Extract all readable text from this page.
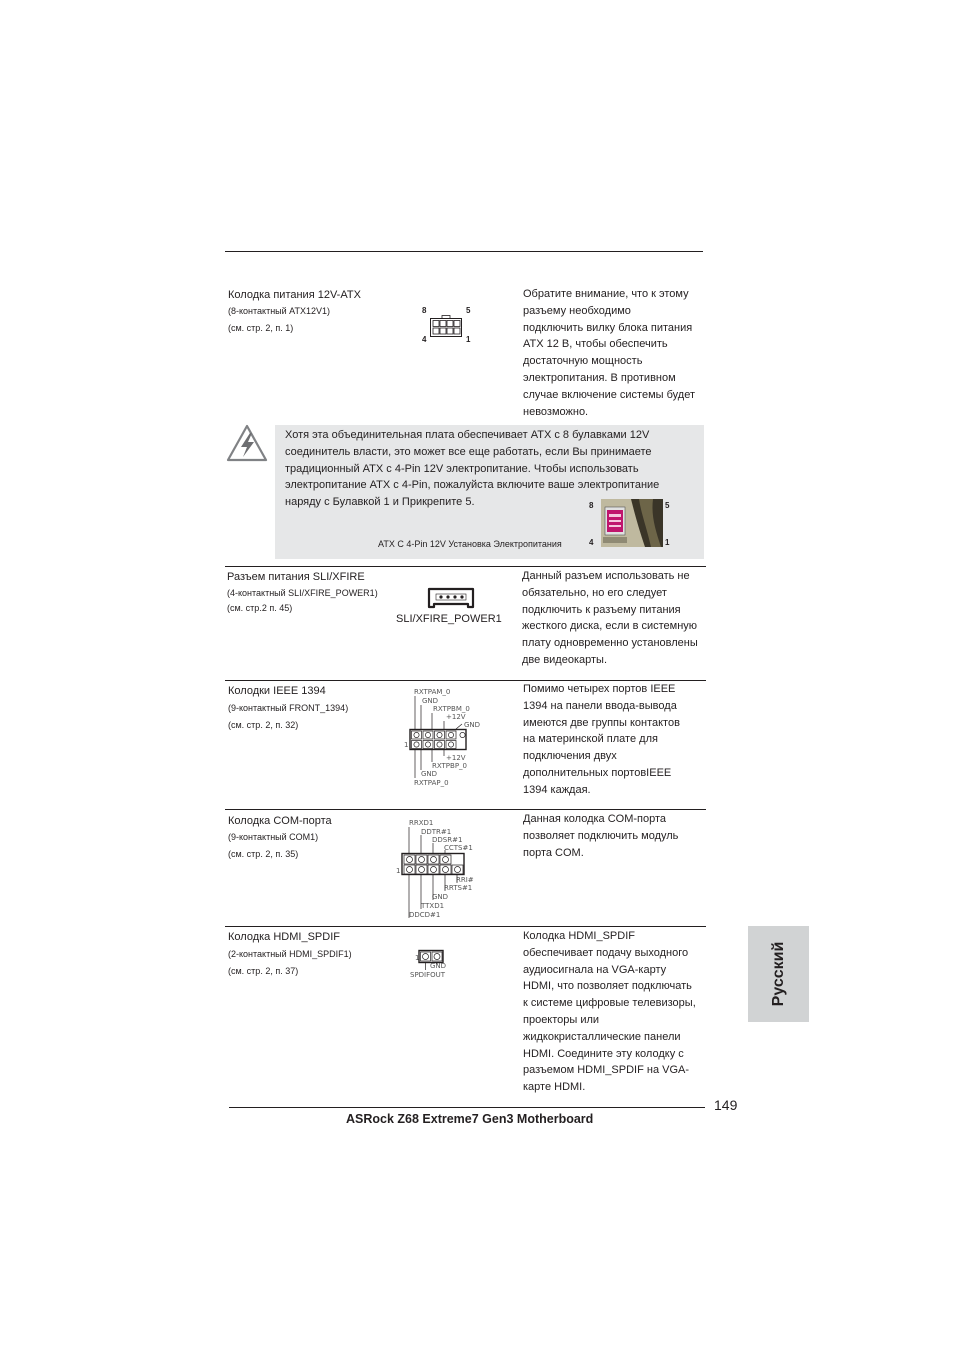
Колодка питания 12V-ATX
(8-контактный ATX12V1)
(см. стр. 2, п. 1)
8	5
4	1
Обратите внимание, что к этому
разъему необходимо
подключить вилку блока питания
ATX 12 В, чтобы обеспечить
достаточную мощность
электропитания. В противном
случае включение системы будет
невозможно.
Хотя эта объединительная плата обеспечивает ATX с 8 булавками 12V
соединитель власти, это может все еще работать, если Вы принимаете
традиционный ATX с 4-Pin 12V электропитание. Чтобы использовать
электропитание ATX с 4-Pin, пожалуйста включите ваше электропитание
наряду с Булавкой 1 и Прикрепите 5.
ATX С 4-Pin 12V Установка Электропитания
8	5
4	1
Разъем питания SLI/XFIRE
(4-контактный SLI/XFIRE_POWER1)
(см. стр.2 п. 45)
SLI/XFIRE_POWER1
Данный разъем использовать не
обязательно, но его следует
подключить к разъему питания
жесткого диска, если в системную
плату одновременно установлены
две видеокарты.
Колодки IEEE 1394
(9-контактный FRONT_1394)
(см. стр. 2, п. 32)
RXTPAM_0
GND
RXTPBM_0
+12V
GND
1
+12V
RXTPBP_0
GND
RXTPAP_0
Помимо четырех портов IEEE
1394 на панели ввода-вывода
имеются две группы контактов
на материнской плате для
подключения двух
дополнительных портовIEEE
1394 каждая.
Колодка COM-порта
(9-контактный COM1)
(см. стр. 2, п. 35)
RRXD1
DDTR#1
DDSR#1
CCTS#1
1
RRI#
RRTS#1
GND
TTXD1
DDCD#1
Данная колодка COM-порта
позволяет подключить модуль
порта COM.
Колодка HDMI_SPDIF
(2-контактный HDMI_SPDIF1)
(см. стр. 2, п. 37)
1
GND
SPDIFOUT
Колодка HDMI_SPDIF
обеспечивает подачу выходного
аудиосигнала на VGA-карту
HDMI, что позволяет подключать
к системе цифровые телевизоры,
проекторы или
жидкокристаллические панели
HDMI. Соедините эту колодку с
разъемом HDMI_SPDIF на VGA-
карте HDMI.
Русский
149
ASRock Z68 Extreme7 Gen3 Motherboard
